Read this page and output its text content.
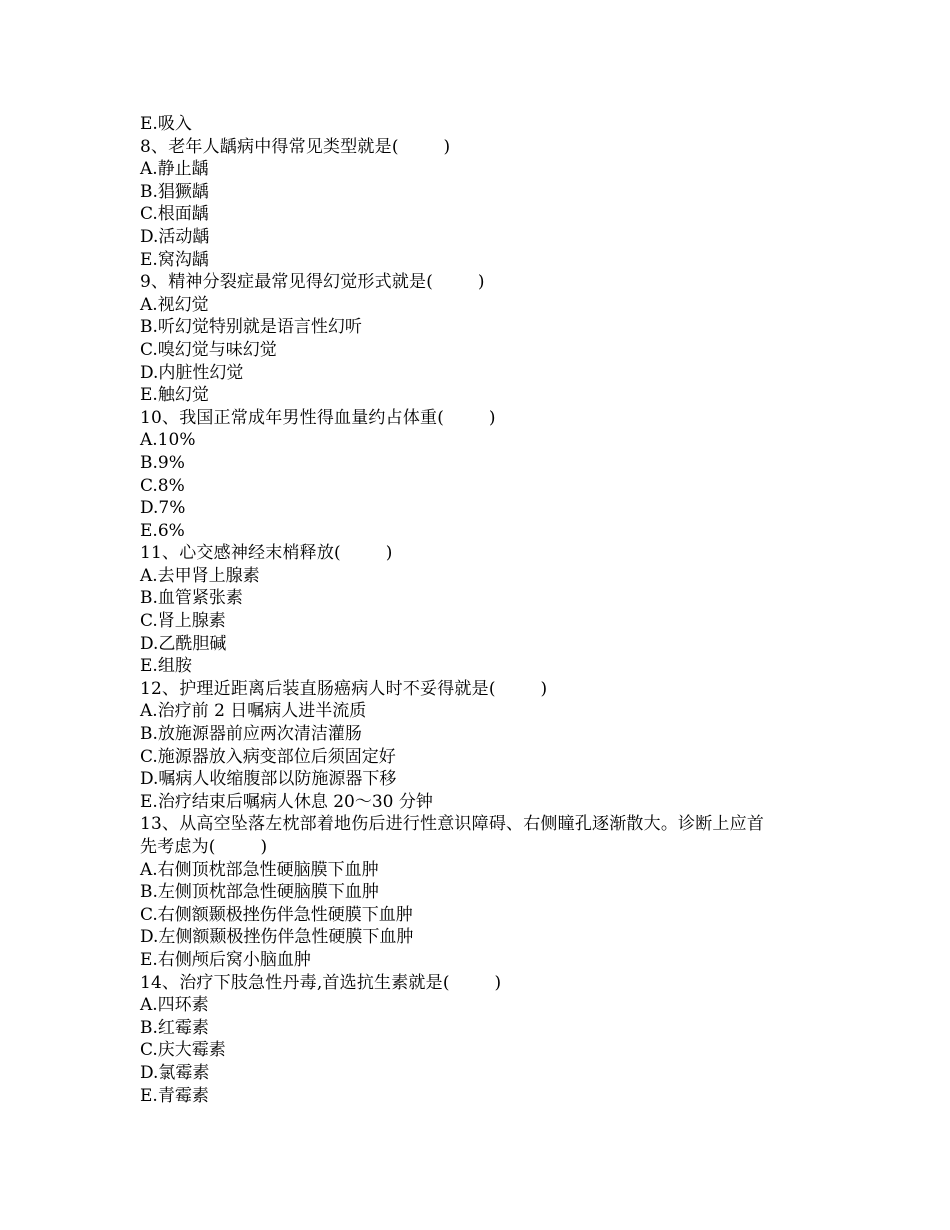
E.吸入

8、老年人龋病中得常见类型就是(        )

A.静止龋

B.猖獗龋

C.根面龋

D.活动龋

E.窝沟龋

9、精神分裂症最常见得幻觉形式就是(        )

A.视幻觉

B.听幻觉特别就是语言性幻听

C.嗅幻觉与味幻觉

D.内脏性幻觉

E.触幻觉

10、我国正常成年男性得血量约占体重(        )

A.10%

B.9%

C.8%

D.7%

E.6%

11、心交感神经末梢释放(        )

A.去甲肾上腺素

B.血管紧张素

C.肾上腺素

D.乙酰胆碱

E.组胺

12、护理近距离后装直肠癌病人时不妥得就是(        )

A.治疗前 2 日嘱病人进半流质

B.放施源器前应两次清洁灌肠

C.施源器放入病变部位后须固定好

D.嘱病人收缩腹部以防施源器下移

E.治疗结束后嘱病人休息 20～30 分钟

13、从高空坠落左枕部着地伤后进行性意识障碍、右侧瞳孔逐渐散大。诊断上应首

先考虑为(        )

A.右侧顶枕部急性硬脑膜下血肿

B.左侧顶枕部急性硬脑膜下血肿

C.右侧额颞极挫伤伴急性硬膜下血肿

D.左侧额颞极挫伤伴急性硬膜下血肿

E.右侧颅后窝小脑血肿

14、治疗下肢急性丹毒,首选抗生素就是(        )

A.四环素

B.红霉素

C.庆大霉素

D.氯霉素

E.青霉素
